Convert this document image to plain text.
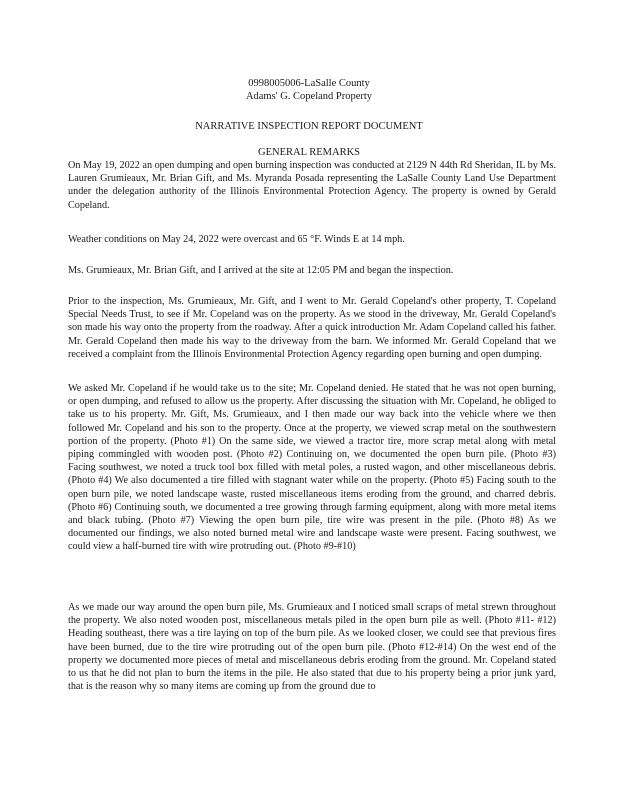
0998005006-LaSalle County
Adams' G. Copeland Property
NARRATIVE INSPECTION REPORT DOCUMENT
GENERAL REMARKS
On May 19, 2022 an open dumping and open burning inspection was conducted at 2129 N 44th Rd Sheridan, IL by Ms. Lauren Grumieaux, Mr. Brian Gift, and Ms. Myranda Posada representing the LaSalle County Land Use Department under the delegation authority of the Illinois Environmental Protection Agency. The property is owned by Gerald Copeland.
Weather conditions on May 24, 2022 were overcast and 65 °F. Winds E at 14 mph.
Ms. Grumieaux, Mr. Brian Gift, and I arrived at the site at 12:05 PM and began the inspection.
Prior to the inspection, Ms. Grumieaux, Mr. Gift, and I went to Mr. Gerald Copeland's other property, T. Copeland Special Needs Trust, to see if Mr. Copeland was on the property. As we stood in the driveway, Mr. Gerald Copeland's son made his way onto the property from the roadway. After a quick introduction Mr. Adam Copeland called his father. Mr. Gerald Copeland then made his way to the driveway from the barn. We informed Mr. Gerald Copeland that we received a complaint from the Illinois Environmental Protection Agency regarding open burning and open dumping.
We asked Mr. Copeland if he would take us to the site; Mr. Copeland denied. He stated that he was not open burning, or open dumping, and refused to allow us the property. After discussing the situation with Mr. Copeland, he obliged to take us to his property. Mr. Gift, Ms. Grumieaux, and I then made our way back into the vehicle where we then followed Mr. Copeland and his son to the property. Once at the property, we viewed scrap metal on the southwestern portion of the property. (Photo #1) On the same side, we viewed a tractor tire, more scrap metal along with metal piping commingled with wooden post. (Photo #2) Continuing on, we documented the open burn pile. (Photo #3) Facing southwest, we noted a truck tool box filled with metal poles, a rusted wagon, and other miscellaneous debris. (Photo #4) We also documented a tire filled with stagnant water while on the property. (Photo #5) Facing south to the open burn pile, we noted landscape waste, rusted miscellaneous items eroding from the ground, and charred debris. (Photo #6) Continuing south, we documented a tree growing through farming equipment, along with more metal items and black tubing. (Photo #7) Viewing the open burn pile, tire wire was present in the pile. (Photo #8) As we documented our findings, we also noted burned metal wire and landscape waste were present. Facing southwest, we could view a half-burned tire with wire protruding out. (Photo #9-#10)
As we made our way around the open burn pile, Ms. Grumieaux and I noticed small scraps of metal strewn throughout the property. We also noted wooden post, miscellaneous metals piled in the open burn pile as well. (Photo #11- #12) Heading southeast, there was a tire laying on top of the burn pile. As we looked closer, we could see that previous fires have been burned, due to the tire wire protruding out of the open burn pile. (Photo #12-#14) On the west end of the property we documented more pieces of metal and miscellaneous debris eroding from the ground. Mr. Copeland stated to us that he did not plan to burn the items in the pile. He also stated that due to his property being a prior junk yard, that is the reason why so many items are coming up from the ground due to
